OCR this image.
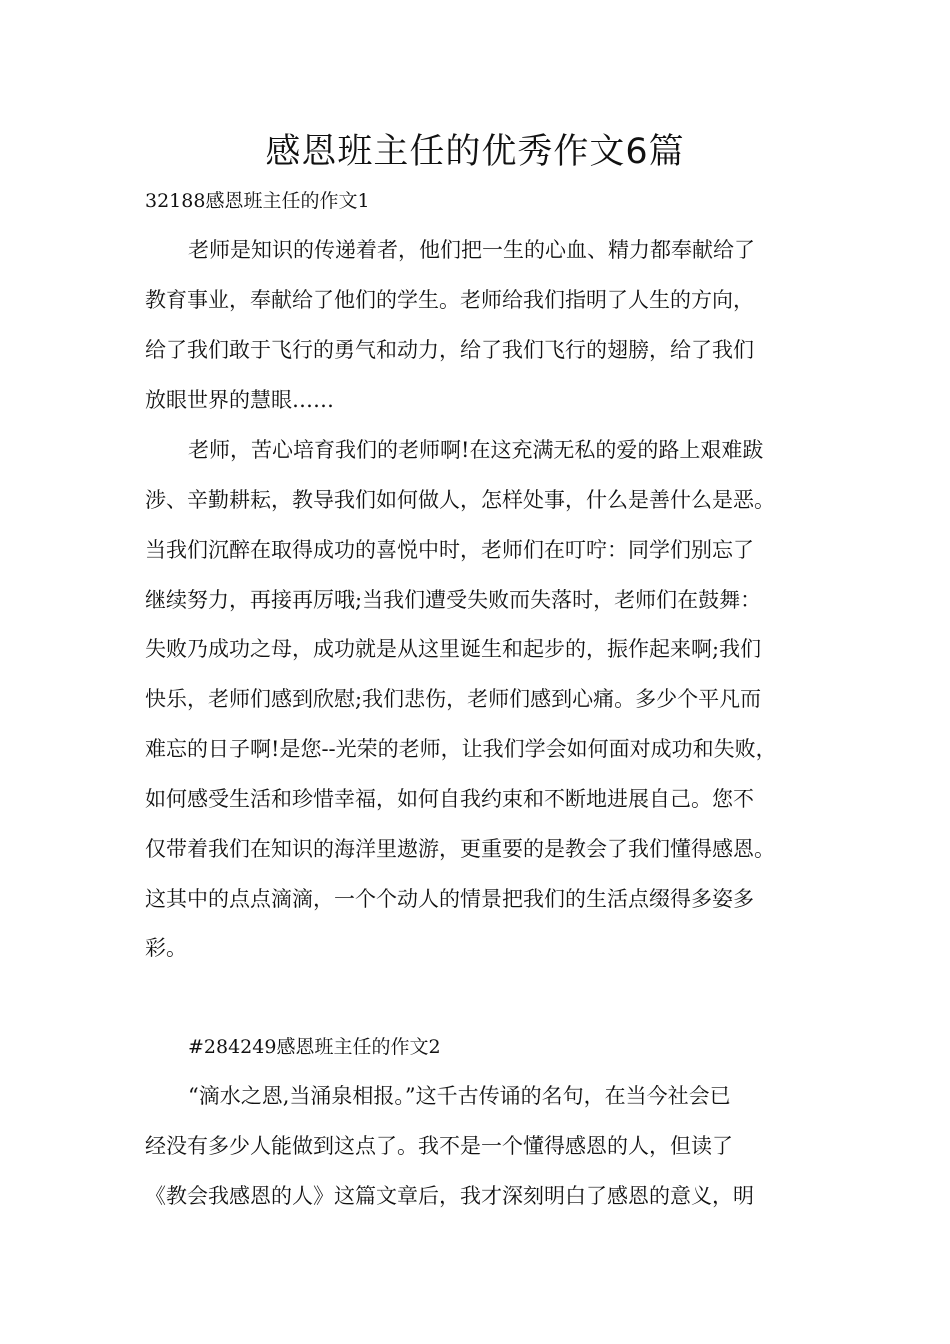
感恩班主任的优秀作文6篇
32188感恩班主任的作文1
老师是知识的传递着者，他们把一生的心血、精力都奉献给了
教育事业，奉献给了他们的学生。老师给我们指明了人生的方向，
给了我们敢于飞行的勇气和动力，给了我们飞行的翅膀，给了我们
放眼世界的慧眼……
老师，苦心培育我们的老师啊!在这充满无私的爱的路上艰难跋
涉、辛勤耕耘，教导我们如何做人，怎样处事，什么是善什么是恶。
当我们沉醉在取得成功的喜悦中时，老师们在叮咛：同学们别忘了
继续努力，再接再厉哦;当我们遭受失败而失落时，老师们在鼓舞：
失败乃成功之母，成功就是从这里诞生和起步的，振作起来啊;我们
快乐，老师们感到欣慰;我们悲伤，老师们感到心痛。多少个平凡而
难忘的日子啊!是您--光荣的老师，让我们学会如何面对成功和失败，
如何感受生活和珍惜幸福，如何自我约束和不断地进展自己。您不
仅带着我们在知识的海洋里遨游，更重要的是教会了我们懂得感恩。
这其中的点点滴滴，一个个动人的情景把我们的生活点缀得多姿多
彩。
#284249感恩班主任的作文2
“滴水之恩,当涌泉相报。”这千古传诵的名句，在当今社会已
经没有多少人能做到这点了。我不是一个懂得感恩的人，但读了
《教会我感恩的人》这篇文章后，我才深刻明白了感恩的意义，明
